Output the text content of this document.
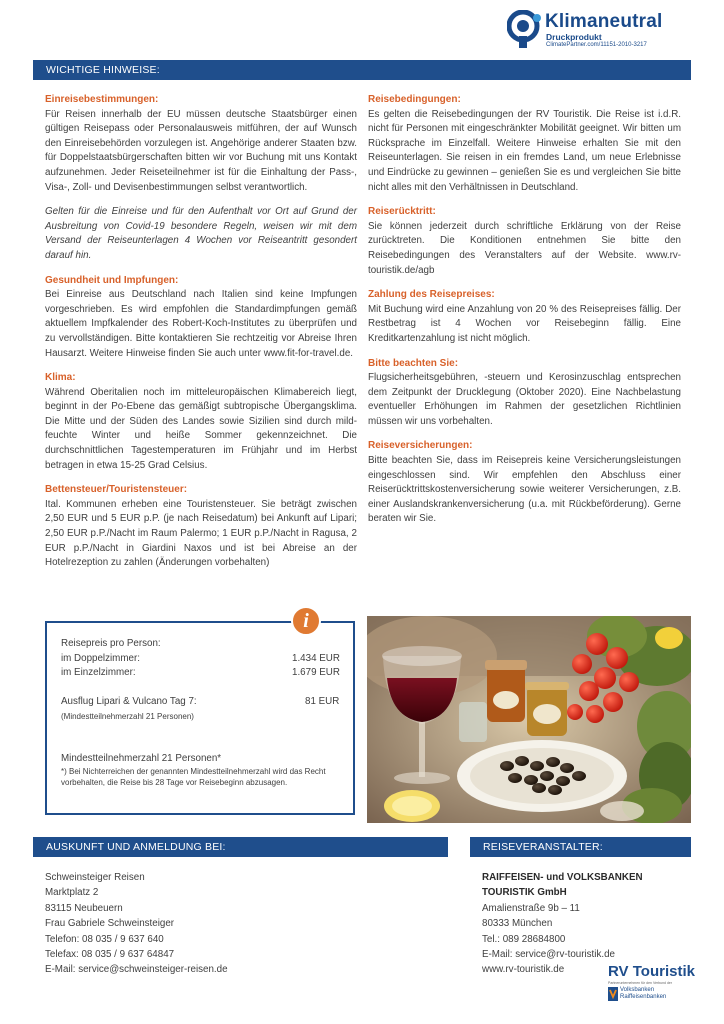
Klimaneutral
Druckprodukt
ClimatePartner.com/11151-2010-3217
WICHTIGE HINWEISE:
Einreisebestimmungen:

Für Reisen innerhalb der EU müssen deutsche Staatsbürger einen gültigen Reisepass oder Personalausweis mitführen, der auf Wunsch den Einreisebehörden vorzulegen ist. Angehörige anderer Staaten bzw. für Doppelstaatsbürgerschaften bitten wir vor Buchung mit uns Kontakt aufzunehmen. Jeder Reiseteilnehmer ist für die Einhaltung der Pass-, Visa-, Zoll- und Devisenbestimmungen selbst verantwortlich.

Gelten für die Einreise und für den Aufenthalt vor Ort auf Grund der Ausbreitung von Covid-19 besondere Regeln, weisen wir mit dem Versand der Reiseunterlagen 4 Wochen vor Reiseantritt gesondert darauf hin.

Gesundheit und Impfungen:

Bei Einreise aus Deutschland nach Italien sind keine Impfungen vorgeschrieben. Es wird empfohlen die Standardimpfungen gemäß aktuellem Impfkalender des Robert-Koch-Institutes zu überprüfen und zu vervollständigen. Bitte kontaktieren Sie rechtzeitig vor Abreise Ihren Hausarzt. Weitere Hinweise finden Sie auch unter www.fit-for-travel.de.

Klima:

Während Oberitalien noch im mitteleuropäischen Klimabereich liegt, beginnt in der Po-Ebene das gemäßigt subtropische Übergangsklima. Die Mitte und der Süden des Landes sowie Sizilien sind durch mild-feuchte Winter und heiße Sommer gekennzeichnet. Die durchschnittlichen Tagestemperaturen im Frühjahr und im Herbst betragen in etwa 15-25 Grad Celsius.

Bettensteuer/Touristensteuer:

Ital. Kommunen erheben eine Touristensteuer. Sie beträgt zwischen 2,50 EUR und 5 EUR p.P. (je nach Reisedatum) bei Ankunft auf Lipari; 2,50 EUR p.P./Nacht im Raum Palermo; 1 EUR p.P./Nacht in Ragusa, 2 EUR p.P./Nacht in Giardini Naxos und ist bei Abreise an der Hotelrezeption zu zahlen (Änderungen vorbehalten)

Reisebedingungen:

Es gelten die Reisebedingungen der RV Touristik. Die Reise ist i.d.R. nicht für Personen mit eingeschränkter Mobilität geeignet. Wir bitten um Rücksprache im Einzelfall. Weitere Hinweise erhalten Sie mit den Reiseunterlagen. Sie reisen in ein fremdes Land, um neue Erlebnisse und Eindrücke zu gewinnen – genießen Sie es und vergleichen Sie bitte nicht alles mit den Verhältnissen in Deutschland.

Reiserücktritt:

Sie können jederzeit durch schriftliche Erklärung von der Reise zurücktreten. Die Konditionen entnehmen Sie bitte den Reisebedingungen des Veranstalters auf der Website. www.rv-touristik.de/agb

Zahlung des Reisepreises:

Mit Buchung wird eine Anzahlung von 20 % des Reisepreises fällig. Der Restbetrag ist 4 Wochen vor Reisebeginn fällig. Eine Kreditkartenzahlung ist nicht möglich.

Bitte beachten Sie:

Flugsicherheitsgebühren, -steuern und Kerosinzuschlag entsprechen dem Zeitpunkt der Drucklegung (Oktober 2020). Eine Nachbelastung eventueller Erhöhungen im Rahmen der gesetzlichen Richtlinien müssen wir uns vorbehalten.

Reiseversicherungen:

Bitte beachten Sie, dass im Reisepreis keine Versicherungsleistungen eingeschlossen sind. Wir empfehlen den Abschluss einer Reiserücktrittskostenversicherung sowie weiterer Versicherungen, z.B. einer Auslandskrankenversicherung (u.a. mit Rückbeförderung). Gerne beraten wir Sie.

i
Reisepreis pro Person:
im Doppelzimmer:	1.434 EUR
im Einzelzimmer:	1.679 EUR
Ausflug Lipari & Vulcano Tag 7:	81 EUR
(Mindestteilnehmerzahl 21 Personen)
Mindestteilnehmerzahl 21 Personen*
*) Bei Nichterreichen der genannten Mindestteilnehmerzahl wird das Recht vorbehalten, die Reise bis 28 Tage vor Reisebeginn abzusagen.
AUSKUNFT UND ANMELDUNG BEI:	REISEVERANSTALTER:
Schweinsteiger Reisen
Marktplatz 2
83115 Neubeuern
Frau Gabriele Schweinsteiger
Telefon: 08 035 / 9 637 640
Telefax: 08 035 / 9 637 64847
E-Mail: service@schweinsteiger-reisen.de
RAIFFEISEN- und VOLKSBANKEN
TOURISTIK GmbH
Amalienstraße 9b – 11
80333 München
Tel.: 089 28684800
E-Mail: service@rv-touristik.de
www.rv-touristik.de	RV Touristik
Partnerunternehmen für den Verbund der
Volksbanken
Raiffeisenbanken
